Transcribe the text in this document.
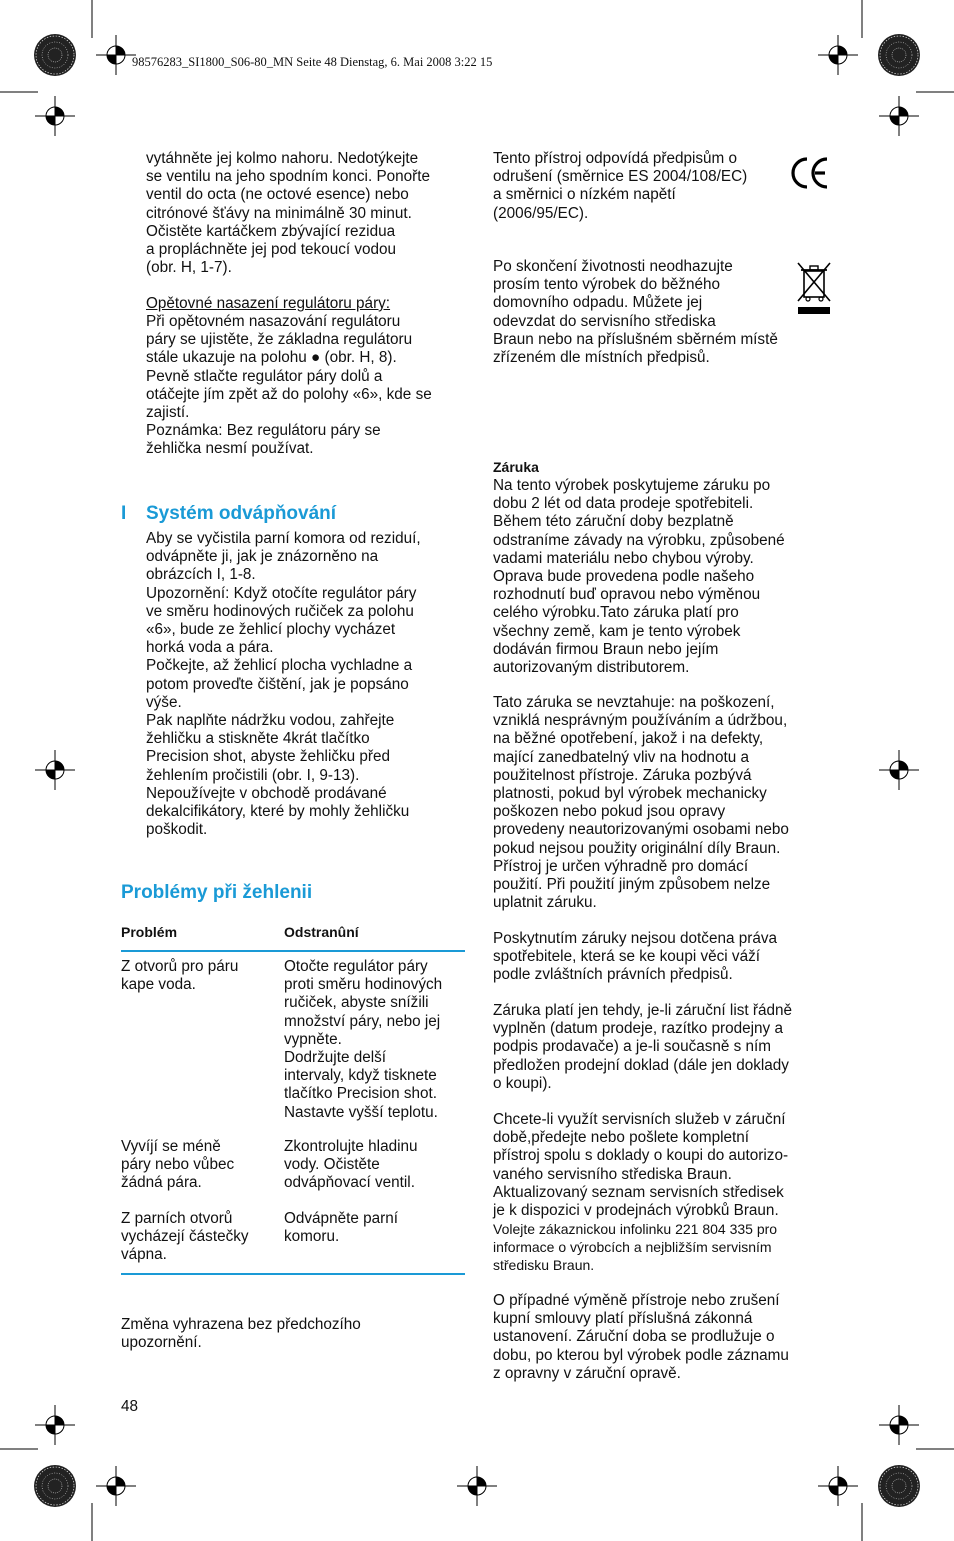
98576283_SI1800_S06-80_MN Seite 48 Dienstag, 6. Mai 2008 3:22 15
vytáhněte jej kolmo nahoru. Nedotýkejte
se ventilu na jeho spodním konci. Ponořte
ventil do octa (ne octové esence) nebo
citrónové šťávy na minimálně 30 minut.
Očistěte kartáčkem zbývající rezidua
a propláchněte jej pod tekoucí vodou
(obr. H, 1-7).
Opětovné nasazení regulátoru páry:
Při opětovném nasazování regulátoru
páry se ujistěte, že základna regulátoru
stále ukazuje na polohu ● (obr. H, 8).
Pevně stlačte regulátor páry dolů a
otáčejte jím zpět až do polohy «6», kde se
zajistí.
Poznámka: Bez regulátoru páry se
žehlička nesmí používat.
I Systém odvápňování
Aby se vyčistila parní komora od reziduí,
odvápněte ji, jak je znázorněno na
obrázcích I, 1-8.
Upozornění: Když otočíte regulátor páry
ve směru hodinových ručiček za polohu
«6», bude ze žehlicí plochy vycházet
horká voda a pára.
Počkejte, až žehlicí plocha vychladne a
potom proveďte čištění, jak je popsáno
výše.
Pak naplňte nádržku vodou, zahřejte
žehličku a stiskněte 4krát tlačítko
Precision shot, abyste žehličku před
žehlením pročistili (obr. I, 9-13).
Nepoužívejte v obchodě prodávané
dekalcifikátory, které by mohly žehličku
poškodit.
Problémy při žehlenii
Problém	Odstranûní
Z otvorů pro páru
kape voda.
Otočte regulátor páry
proti směru hodinových
ručiček, abyste snížili
množství páry, nebo jej
vypněte.
Dodržujte delší
intervaly, když tisknete
tlačítko Precision shot.
Nastavte vyšší teplotu.
Vyvíjí se méně
páry nebo vůbec
žádná pára.
Zkontrolujte hladinu
vody. Očistěte
odvápňovací ventil.
Z parních otvorů
vycházejí částečky
vápna.
Odvápněte parní
komoru.
Změna vyhrazena bez předchozího
upozornění.
48
Tento přístroj odpovídá předpisům o
odrušení (směrnice ES 2004/108/EC)
a směrnici o nízkém napětí
(2006/95/EC).
Po skončení životnosti neodhazujte
prosím tento výrobek do běžného
domovního odpadu. Můžete jej
odevzdat do servisního střediska
Braun nebo na příslušném sběrném místě
zřízeném dle místních předpisů.
Záruka
Na tento výrobek poskytujeme záruku po
dobu 2 lét od data prodeje spotřebiteli.
Během této záruční doby bezplatně
odstraníme závady na výrobku, způsobené
vadami materiálu nebo chybou výroby.
Oprava bude provedena podle našeho
rozhodnutí buď opravou nebo výměnou
celého výrobku.Tato záruka platí pro
všechny země, kam je tento výrobek
dodáván firmou Braun nebo jejím
autorizovaným distributorem.
Tato záruka se nevztahuje: na poškození,
vzniklá nesprávným používáním a údržbou,
na běžné opotřebení, jakož i na defekty,
mající zanedbatelný vliv na hodnotu a
použitelnost přístroje. Záruka pozbývá
platnosti, pokud byl výrobek mechanicky
poškozen nebo pokud jsou opravy
provedeny neautorizovanými osobami nebo
pokud nejsou použity originální díly Braun.
Přístroj je určen výhradně pro domácí
použití. Při použití jiným způsobem nelze
uplatnit záruku.
Poskytnutím záruky nejsou dotčena práva
spotřebitele, která se ke koupi věci váží
podle zvláštních právních předpisů.
Záruka platí jen tehdy, je-li záruční list řádně
vyplněn (datum prodeje, razítko prodejny a
podpis prodavače) a je-li současně s ním
předložen prodejní doklad (dále jen doklady
o koupi).
Chcete-li využít servisních služeb v záruční
době,předejte nebo pošlete kompletní
přístroj spolu s doklady o koupi do autorizo-
vaného servisního střediska Braun.
Aktualizovaný seznam servisních středisek
je k dispozici v prodejnách výrobků Braun.
Volejte zákaznickou infolinku 221 804 335 pro
informace o výrobcích a nejbližším servisním
středisku Braun.
O případné výměně přístroje nebo zrušení
kupní smlouvy platí příslušná zákonná
ustanovení. Záruční doba se prodlužuje o
dobu, po kterou byl výrobek podle záznamu
z opravny v záruční opravě.
